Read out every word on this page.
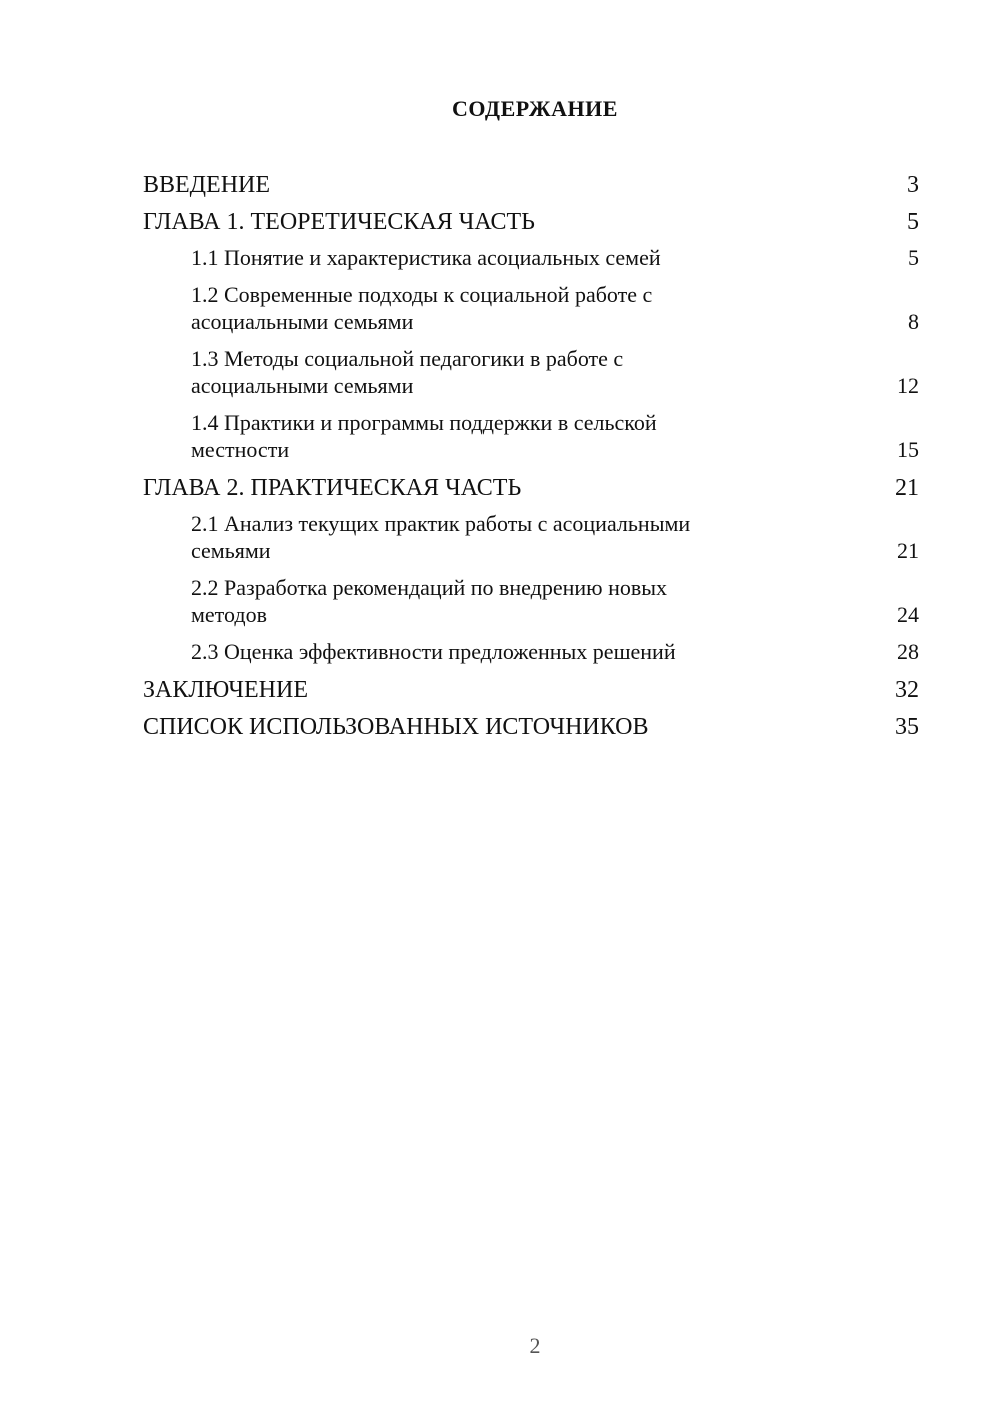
СОДЕРЖАНИЕ
ВВЕДЕНИЕ	3
ГЛАВА 1. ТЕОРЕТИЧЕСКАЯ ЧАСТЬ	5
1.1 Понятие и характеристика асоциальных семей	5
1.2 Современные подходы к социальной работе с
асоциальными семьями	8
1.3 Методы социальной педагогики в работе с
асоциальными семьями	12
1.4 Практики и программы поддержки в сельской
местности	15
ГЛАВА 2. ПРАКТИЧЕСКАЯ ЧАСТЬ	21
2.1 Анализ текущих практик работы с асоциальными
семьями	21
2.2 Разработка рекомендаций по внедрению новых
методов	24
2.3 Оценка эффективности предложенных решений	28
ЗАКЛЮЧЕНИЕ	32
СПИСОК ИСПОЛЬЗОВАННЫХ ИСТОЧНИКОВ	35
2
